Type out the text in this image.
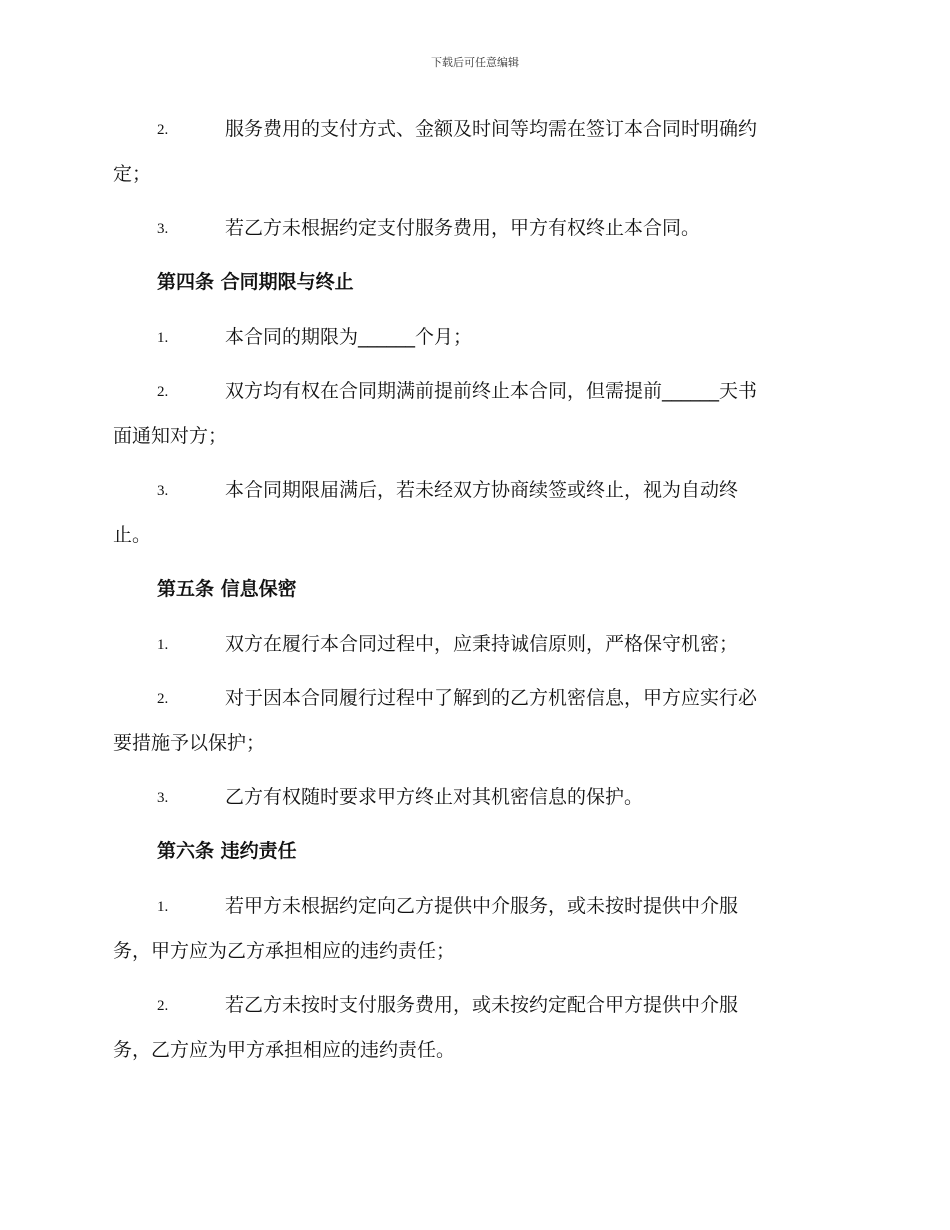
下载后可任意编辑
2.	服务费用的支付方式、金额及时间等均需在签订本合同时明确约
定；
3.	若乙方未根据约定支付服务费用，甲方有权终止本合同。
第四条 合同期限与终止
1.	本合同的期限为______个月；
2.	双方均有权在合同期满前提前终止本合同，但需提前______天书
面通知对方；
3.	本合同期限届满后，若未经双方协商续签或终止，视为自动终
止。
第五条 信息保密
1.	双方在履行本合同过程中，应秉持诚信原则，严格保守机密；
2.	对于因本合同履行过程中了解到的乙方机密信息，甲方应实行必
要措施予以保护；
3.	乙方有权随时要求甲方终止对其机密信息的保护。
第六条 违约责任
1.	若甲方未根据约定向乙方提供中介服务，或未按时提供中介服
务，甲方应为乙方承担相应的违约责任；
2.	若乙方未按时支付服务费用，或未按约定配合甲方提供中介服
务，乙方应为甲方承担相应的违约责任。
